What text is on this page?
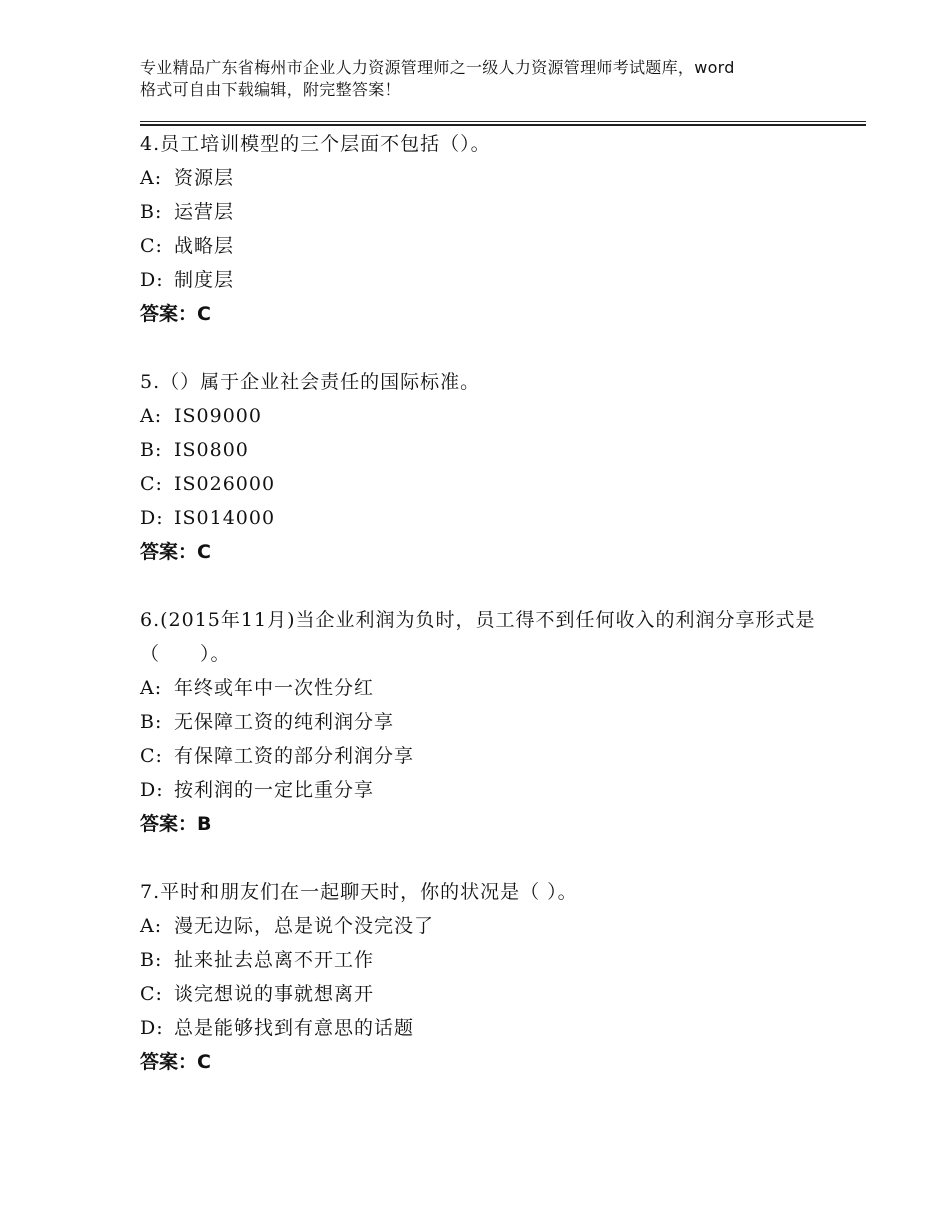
专业精品广东省梅州市企业人力资源管理师之一级人力资源管理师考试题库，word
格式可自由下载编辑，附完整答案！
4.员工培训模型的三个层面不包括（）。
A: 资源层
B: 运营层
C: 战略层
D: 制度层
答案：C
5.（）属于企业社会责任的国际标准。
A: IS09000
B: IS0800
C: IS026000
D: IS014000
答案：C
6.(2015年11月)当企业利润为负时，员工得不到任何收入的利润分享形式是（　　）。
A: 年终或年中一次性分红
B: 无保障工资的纯利润分享
C: 有保障工资的部分利润分享
D: 按利润的一定比重分享
答案：B
7.平时和朋友们在一起聊天时，你的状况是（ ）。
A: 漫无边际，总是说个没完没了
B: 扯来扯去总离不开工作
C: 谈完想说的事就想离开
D: 总是能够找到有意思的话题
答案：C
